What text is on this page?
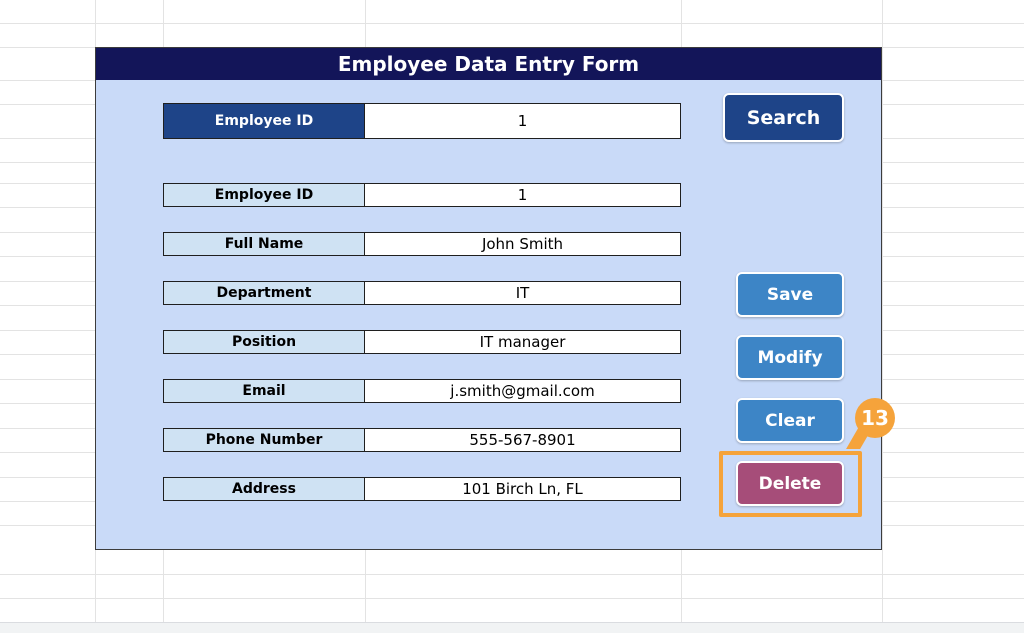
Employee Data Entry Form
Employee ID	1
Employee ID	1
Full Name	John Smith
Department	IT
Position	IT manager
Email	j.smith@gmail.com
Phone Number	555-567-8901
Address	101 Birch Ln, FL
Search
Save
Modify
Clear
Delete
13
